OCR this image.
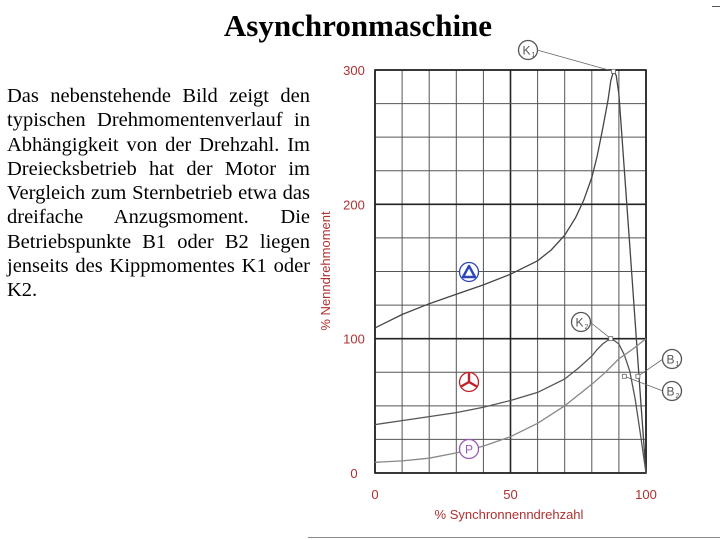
Asynchronmaschine

Das nebenstehende Bild zeigt den typischen Drehmomentenverlauf in Abhängigkeit von der Drehzahl. Im Dreiecksbetrieb hat der Motor im Vergleich zum Sternbetrieb etwa das dreifache Anzugsmoment. Die Betriebspunkte B1 oder B2 liegen jenseits des Kippmomentes K1 oder K2.

K 1
K 2
B 1
B 2
P
0	50	100
0
100
200
300
% Synchronnenndrehzahl
% Nenndrehmoment
